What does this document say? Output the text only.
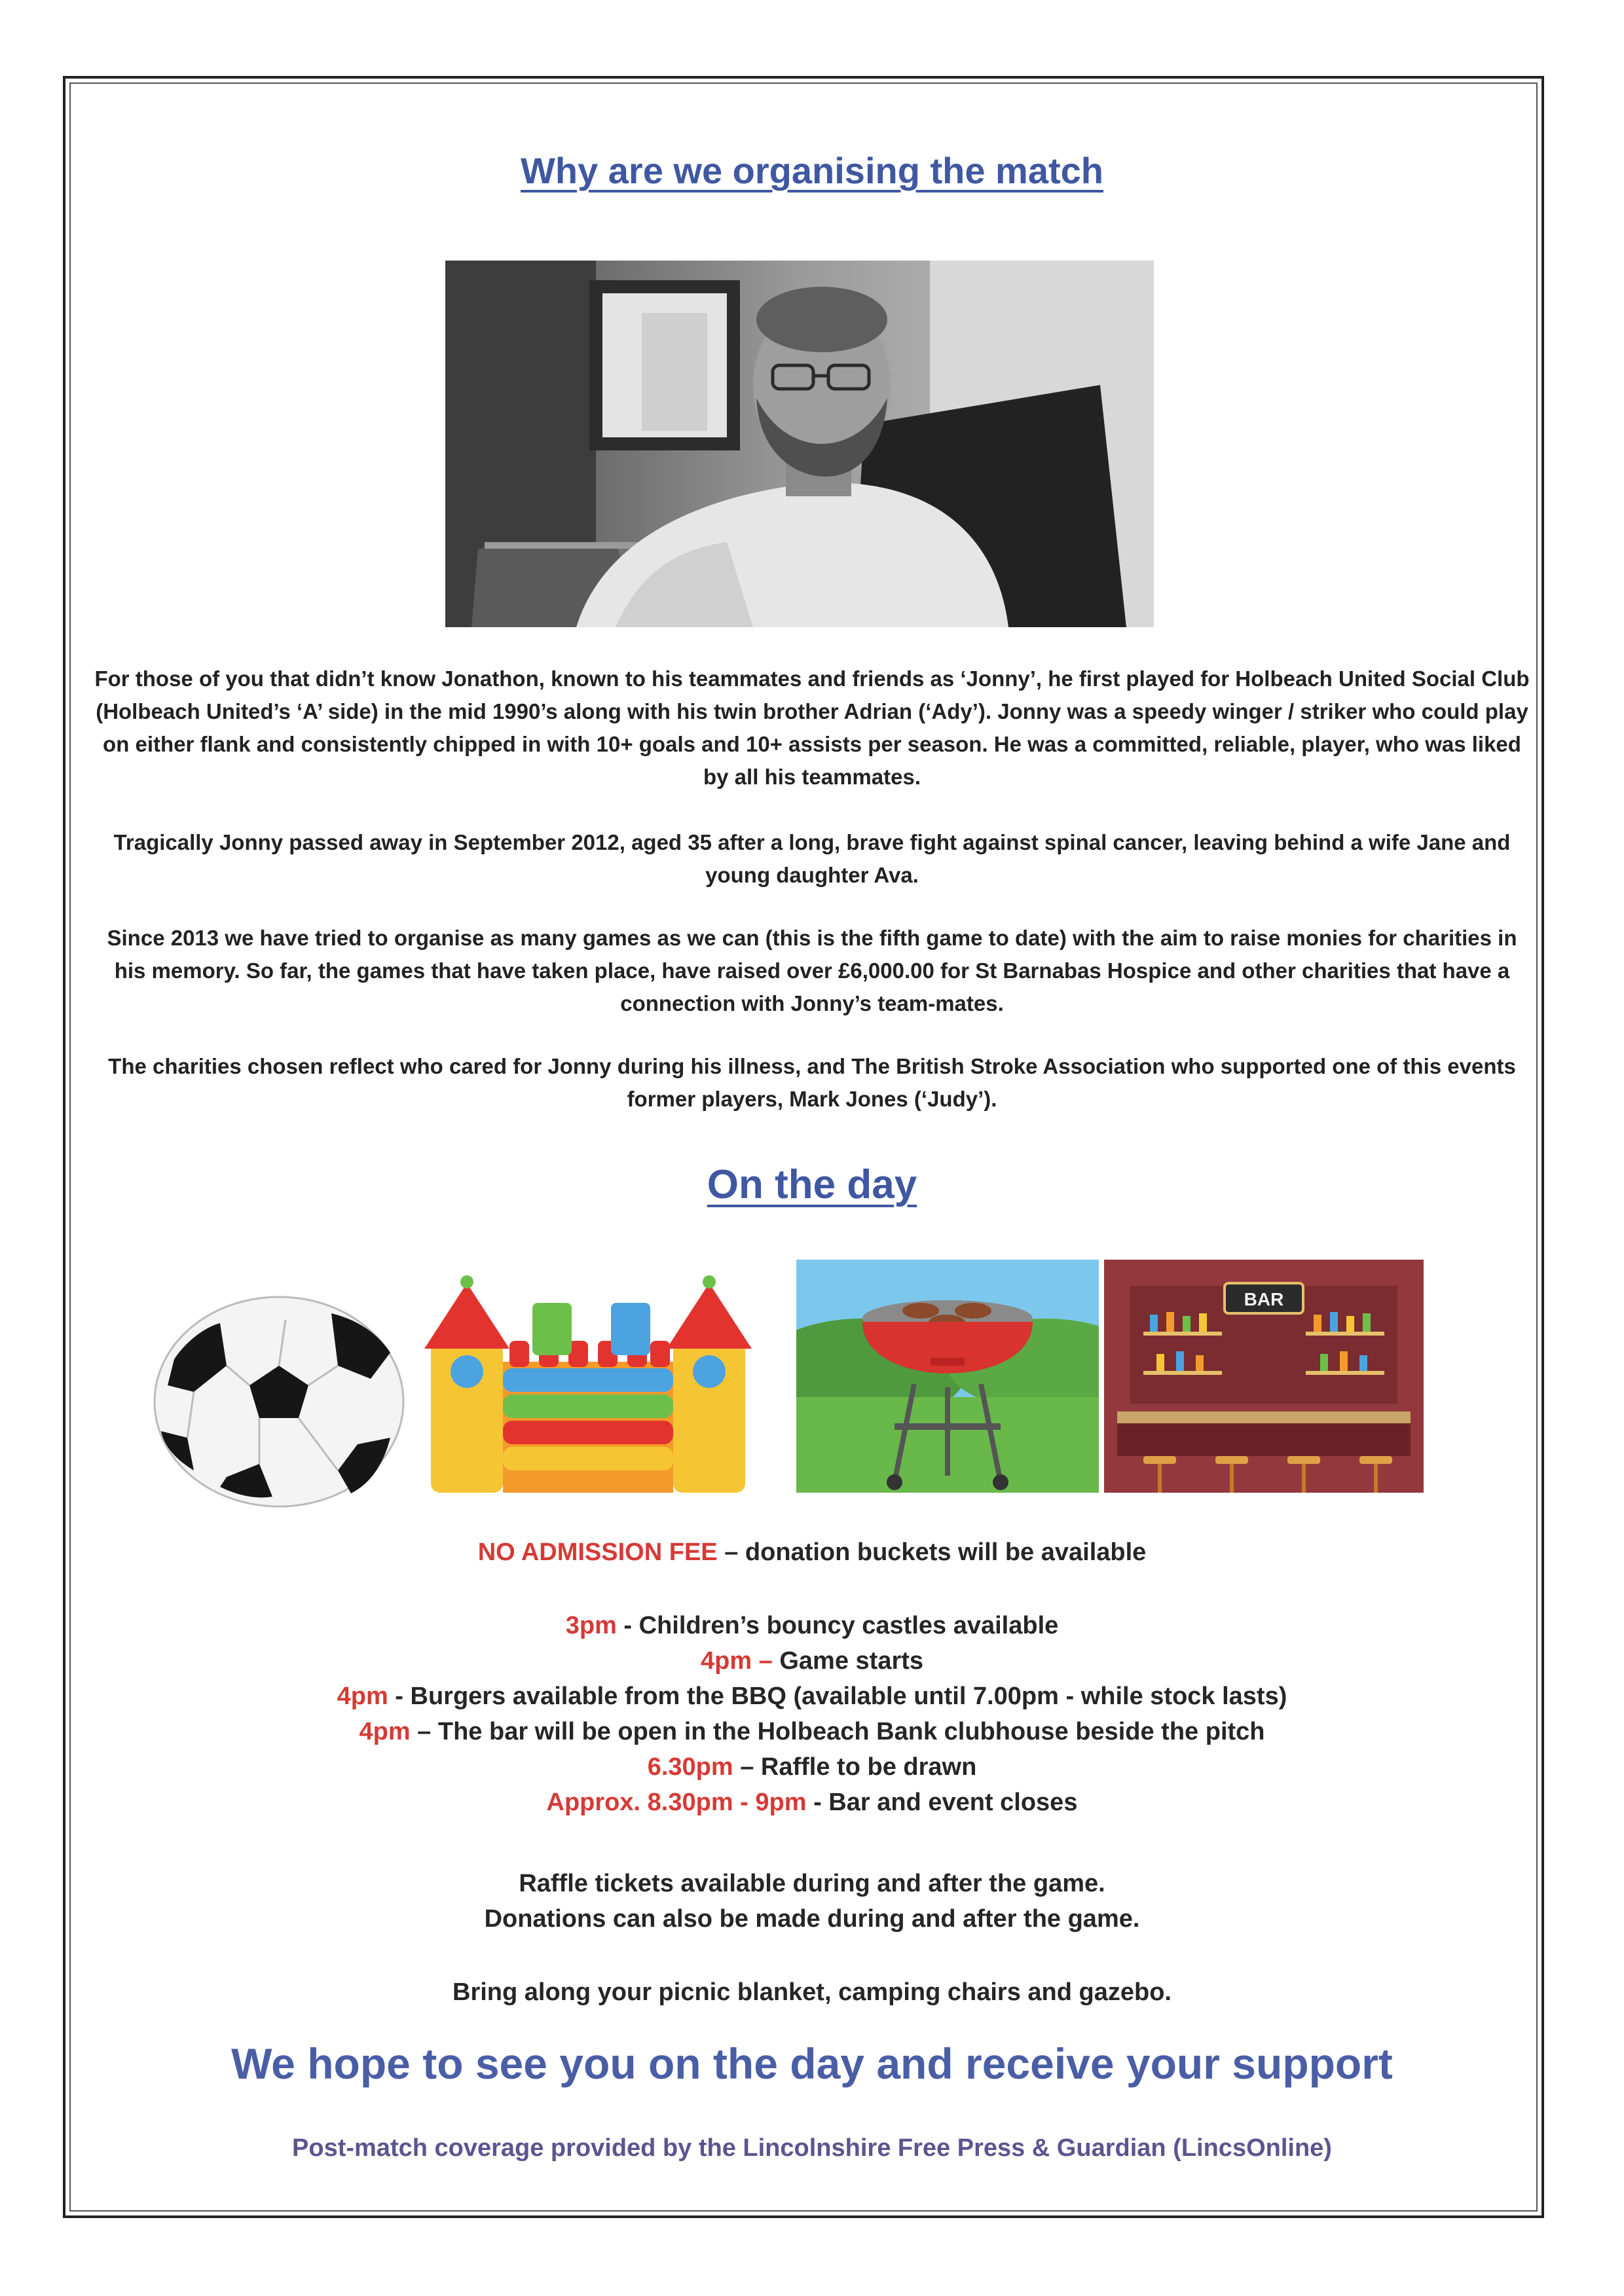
Why are we organising the match
For those of you that didn’t know Jonathon, known to his teammates and friends as ‘Jonny’, he first played for Holbeach United Social Club (Holbeach United’s ‘A’ side) in the mid 1990’s along with his twin brother Adrian (‘Ady’). Jonny was a speedy winger / striker who could play on either flank and consistently chipped in with 10+ goals and 10+ assists per season. He was a committed, reliable, player, who was liked by all his teammates.
Tragically Jonny passed away in September 2012, aged 35 after a long, brave fight against spinal cancer, leaving behind a wife Jane and young daughter Ava.
Since 2013 we have tried to organise as many games as we can (this is the fifth game to date) with the aim to raise monies for charities in his memory. So far, the games that have taken place, have raised over £6,000.00 for St Barnabas Hospice and other charities that have a connection with Jonny’s team-mates.
The charities chosen reflect who cared for Jonny during his illness, and The British Stroke Association who supported one of this events former players, Mark Jones (‘Judy’).
On the day
BAR
NO ADMISSION FEE – donation buckets will be available
3pm - Children’s bouncy castles available
4pm – Game starts
4pm - Burgers available from the BBQ (available until 7.00pm - while stock lasts)
4pm – The bar will be open in the Holbeach Bank clubhouse beside the pitch
6.30pm – Raffle to be drawn
Approx. 8.30pm - 9pm - Bar and event closes
Raffle tickets available during and after the game.
Donations can also be made during and after the game.
Bring along your picnic blanket, camping chairs and gazebo.
We hope to see you on the day and receive your support
Post-match coverage provided by the Lincolnshire Free Press & Guardian (LincsOnline)
